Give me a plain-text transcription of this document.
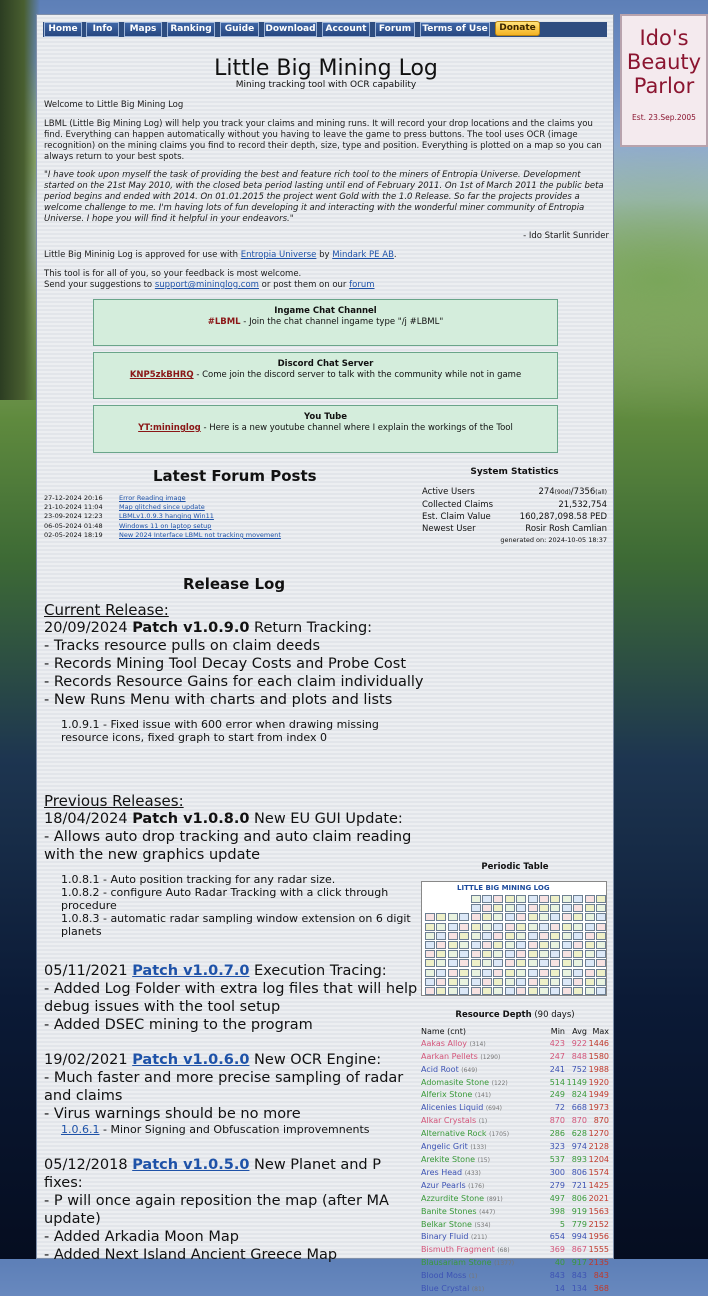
Home	Info	Maps	Ranking	Guide	Download	Account	Forum	Terms of Use	Donate
Little Big Mining Log
Mining tracking tool with OCR capability
Welcome to Little Big Mining Log
LBML (Little Big Mining Log) will help you track your claims and mining runs. It will record your drop locations and the claims you find. Everything can happen automatically without you having to leave the game to press buttons. The tool uses OCR (image recognition) on the mining claims you find to record their depth, size, type and position. Everything is plotted on a map so you can always return to your best spots.
"I have took upon myself the task of providing the best and feature rich tool to the miners of Entropia Universe. Development started on the 21st May 2010, with the closed beta period lasting until end of February 2011. On 1st of March 2011 the public beta period begins and ended with 2014. On 01.01.2015 the project went Gold with the 1.0 Release. So far the projects provides a welcome challenge to me. I'm having lots of fun developing it and interacting with the wonderful miner community of Entropia Universe. I hope you will find it helpful in your endeavors."
- Ido Starlit Sunrider
Little Big Mininig Log is approved for use with Entropia Universe by Mindark PE AB.
This tool is for all of you, so your feedback is most welcome.
Send your suggestions to support@mininglog.com or post them on our forum
Ingame Chat Channel
#LBML - Join the chat channel ingame type "/j #LBML"
Discord Chat Server
KNP5zkBHRQ - Come join the discord server to talk with the community while not in game
You Tube
YT:mininglog - Here is a new youtube channel where I explain the workings of the Tool
Latest Forum Posts
27-12-2024 20:16	Error Reading image
21-10-2024 11:04	Map glitched since update
23-09-2024 12:23	LBMLv1.0.9.3 hanging Win11
06-05-2024 01:48	Windows 11 on laptop setup
02-05-2024 18:19	New 2024 Interface LBML not tracking movement
System Statistics
Active Users	274(90d)/7356(all)
Collected Claims	21,532,754
Est. Claim Value	160,287,098.58 PED
Newest User	Rosir Rosh Camlian
generated on: 2024-10-05 18:37
Release Log
Current Release:
20/09/2024 Patch v1.0.9.0 Return Tracking:
- Tracks resource pulls on claim deeds
- Records Mining Tool Decay Costs and Probe Cost
- Records Resource Gains for each claim individually
- New Runs Menu with charts and plots and lists
1.0.9.1 - Fixed issue with 600 error when drawing missing resource icons, fixed graph to start from index 0
Previous Releases:
18/04/2024 Patch v1.0.8.0 New EU GUI Update:
- Allows auto drop tracking and auto claim reading with the new graphics update
1.0.8.1 - Auto position tracking for any radar size.
1.0.8.2 - configure Auto Radar Tracking with a click through procedure
1.0.8.3 - automatic radar sampling window extension on 6 digit planets
05/11/2021 Patch v1.0.7.0 Execution Tracing:
- Added Log Folder with extra log files that will help debug issues with the tool setup
- Added DSEC mining to the program
19/02/2021 Patch v1.0.6.0 New OCR Engine:
- Much faster and more precise sampling of radar and claims
- Virus warnings should be no more
1.0.6.1 - Minor Signing and Obfuscation improvemnents
05/12/2018 Patch v1.0.5.0 New Planet and P fixes:
- P will once again reposition the map (after MA update)
- Added Arkadia Moon Map
- Added Next Island Ancient Greece Map
Periodic Table
LITTLE BIG MINING LOG
Resource Depth (90 days)
Name (cnt)	Min Avg Max
Aakas Alloy (314)	423 922 1446
Aarkan Pellets (1290)	247 848 1580
Acid Root (649)	241 752 1988
Adomasite Stone (122)	514 1149 1920
Alferix Stone (141)	249 824 1949
Alicenies Liquid (694)	72 668 1973
Alkar Crystals (1)	870 870 870
Alternative Rock (1705)	286 628 1270
Angelic Grit (133)	323 974 2128
Arekite Stone (15)	537 893 1204
Ares Head (433)	300 806 1574
Azur Pearls (176)	279 721 1425
Azzurdite Stone (891)	497 806 2021
Banite Stones (447)	398 919 1563
Belkar Stone (534)	5 779 2152
Binary Fluid (211)	654 994 1956
Bismuth Fragment (68)	369 867 1555
Blausariam Stone (1377)	40 917 2135
Blood Moss (1)	843 843 843
Blue Crystal (81)	14 134 368
Ido's
Beauty
Parlor
Est. 23.Sep.2005
